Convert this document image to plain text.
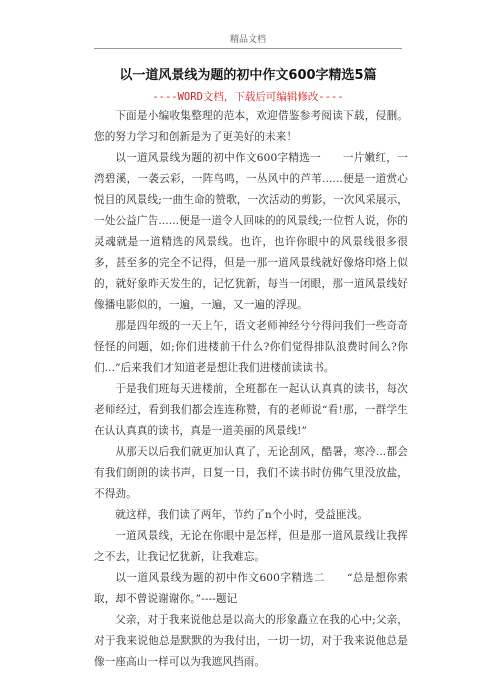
精品文档
以一道风景线为题的初中作文600字精选5篇
----WORD文档，下载后可编辑修改----

下面是小编收集整理的范本，欢迎借鉴参考阅读下载，侵删。您的努力学习和创新是为了更美好的未来！

以一道风景线为题的初中作文600字精选一　　一片嫩红，一湾碧溪，一袭云彩，一阵鸟鸣，一丛风中的芦苇......便是一道赏心悦目的风景线;一曲生命的赞歌，一次活动的剪影，一次风采展示，一处公益广告......便是一道令人回味的的风景线;一位哲人说，你的灵魂就是一道精选的风景线。也许，也许你眼中的风景线很多很多，甚至多的完全不记得，但是一那一道风景线就好像烙印烙上似的，就好象昨天发生的，记忆犹新，每当一闭眼，那一道风景线好像播电影似的，一遍，一遍，又一遍的浮现。

那是四年级的一天上午，语文老师神经兮兮得问我们一些奇奇怪怪的问题，如;你们进楼前干什么?你们觉得排队浪费时间么?你们...”后来我们才知道老是想让我们进楼前读读书。

于是我们班每天进楼前，全班都在一起认认真真的读书，每次老师经过，看到我们都会连连称赞，有的老师说“看!那，一群学生在认认真真的读书，真是一道美丽的风景线!”

从那天以后我们就更加认真了，无论刮风，酷暑，寒冷...都会有我们朗朗的读书声，日复一日，我们不读书时仿佛气里没放盐，不得劲。

就这样，我们读了两年，节约了n个小时，受益匪浅。

一道风景线，无论在你眼中是怎样，但是那一道风景线让我挥之不去，让我记忆犹新，让我难忘。

以一道风景线为题的初中作文600字精选二　　“总是想你索取，却不曾说谢谢你。”----题记

父亲，对于我来说他总是以高大的形象矗立在我的心中;父亲，对于我来说他总是默默的为我付出，一切一切，对于我来说他总是像一座高山一样可以为我遮风挡雨。
